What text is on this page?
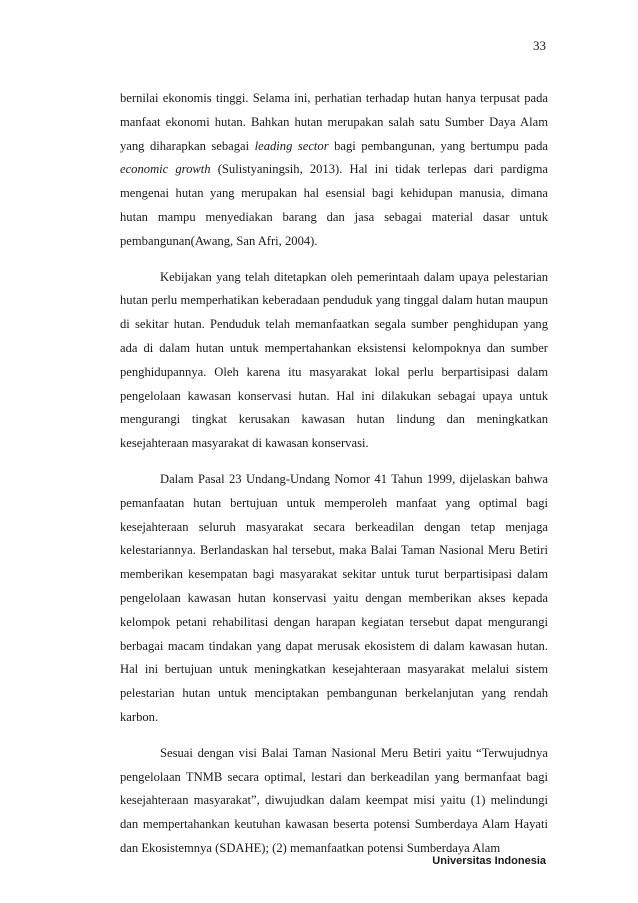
33

bernilai ekonomis tinggi. Selama ini, perhatian terhadap hutan hanya terpusat pada manfaat ekonomi hutan. Bahkan hutan merupakan salah satu Sumber Daya Alam yang diharapkan sebagai leading sector bagi pembangunan, yang bertumpu pada economic growth (Sulistyaningsih, 2013). Hal ini tidak terlepas dari pardigma mengenai hutan yang merupakan hal esensial bagi kehidupan manusia, dimana hutan mampu menyediakan barang dan jasa sebagai material dasar untuk pembangunan(Awang, San Afri, 2004).

Kebijakan yang telah ditetapkan oleh pemerintaah dalam upaya pelestarian hutan perlu memperhatikan keberadaan penduduk yang tinggal dalam hutan maupun di sekitar hutan. Penduduk telah memanfaatkan segala sumber penghidupan yang ada di dalam hutan untuk mempertahankan eksistensi kelompoknya dan sumber penghidupannya. Oleh karena itu masyarakat lokal perlu berpartisipasi dalam pengelolaan kawasan konservasi hutan. Hal ini dilakukan sebagai upaya untuk mengurangi tingkat kerusakan kawasan hutan lindung dan meningkatkan kesejahteraan masyarakat di kawasan konservasi.

Dalam Pasal 23 Undang-Undang Nomor 41 Tahun 1999, dijelaskan bahwa pemanfaatan hutan bertujuan untuk memperoleh manfaat yang optimal bagi kesejahteraan seluruh masyarakat secara berkeadilan dengan tetap menjaga kelestariannya. Berlandaskan hal tersebut, maka Balai Taman Nasional Meru Betiri memberikan kesempatan bagi masyarakat sekitar untuk turut berpartisipasi dalam pengelolaan kawasan hutan konservasi yaitu dengan memberikan akses kepada kelompok petani rehabilitasi dengan harapan kegiatan tersebut dapat mengurangi berbagai macam tindakan yang dapat merusak ekosistem di dalam kawasan hutan. Hal ini bertujuan untuk meningkatkan kesejahteraan masyarakat melalui sistem pelestarian hutan untuk menciptakan pembangunan berkelanjutan yang rendah karbon.

Sesuai dengan visi Balai Taman Nasional Meru Betiri yaitu “Terwujudnya pengelolaan TNMB secara optimal, lestari dan berkeadilan yang bermanfaat bagi kesejahteraan masyarakat”, diwujudkan dalam keempat misi yaitu (1) melindungi dan mempertahankan keutuhan kawasan beserta potensi Sumberdaya Alam Hayati dan Ekosistemnya (SDAHE); (2) memanfaatkan potensi Sumberdaya Alam

Universitas Indonesia
